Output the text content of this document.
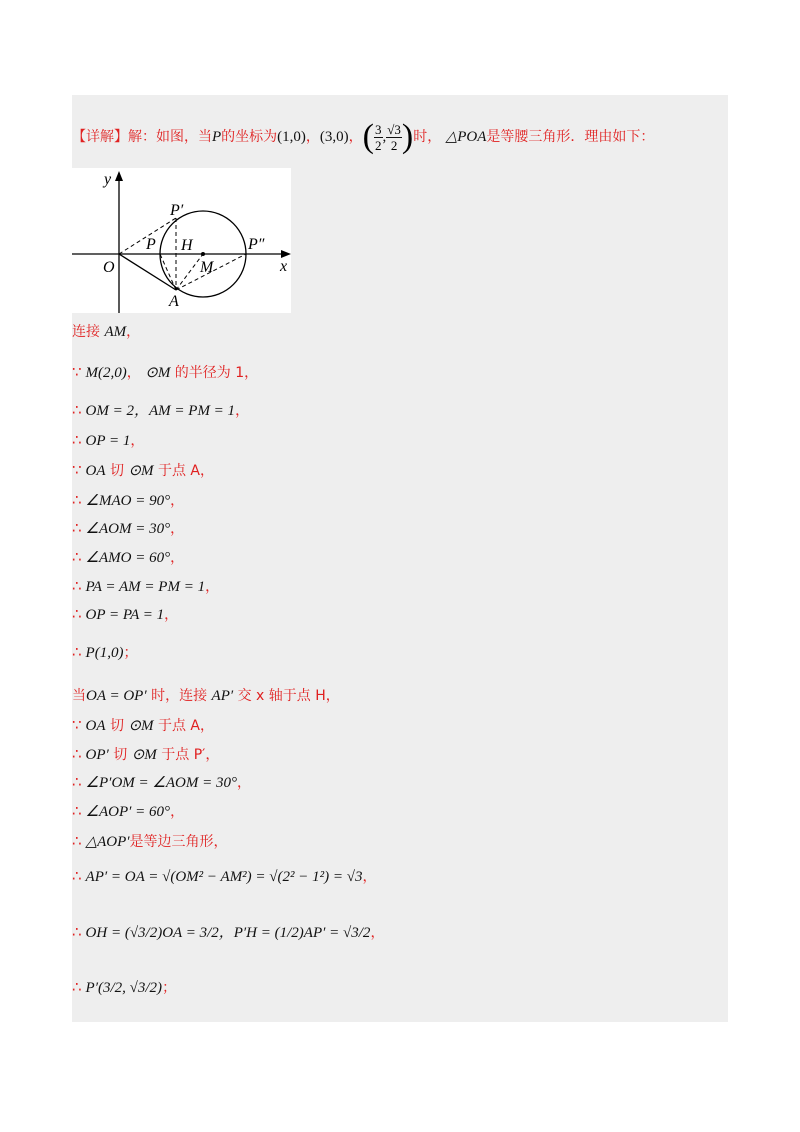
【详解】解：如图，当P的坐标为(1,0)，(3,0)，( $\frac{3}{2}$ , $\frac{√3}{2}$ )时， △POA是等腰三角形．理由如下：
y
x
O
P
P′
P″
H
M
A
连接 AM，
∵ M(2,0)， ⊙M 的半径为 1，
∴ OM = 2，AM = PM = 1，
∴ OP = 1，
∵ OA 切 ⊙M 于点 A，
∴ ∠MAO = 90°，
∴ ∠AOM = 30°，
∴ ∠AMO = 60°，
∴ PA = AM = PM = 1，
∴ OP = PA = 1，
∴ P(1,0)；
当OA = OP′ 时，连接 AP′ 交 x 轴于点 H，
∵ OA 切 ⊙M 于点 A，
∴ OP′ 切 ⊙M 于点 P′，
∴ ∠P′OM = ∠AOM = 30°，
∴ ∠AOP′ = 60°，
∴ △AOP′是等边三角形，
∴ AP′ = OA = √(OM² − AM²) = √(2² − 1²) = √3，
∴ OH = (√3/2)OA = 3/2，P′H = (1/2)AP′ = √3/2，
∴ P′(3/2, √3/2)；
